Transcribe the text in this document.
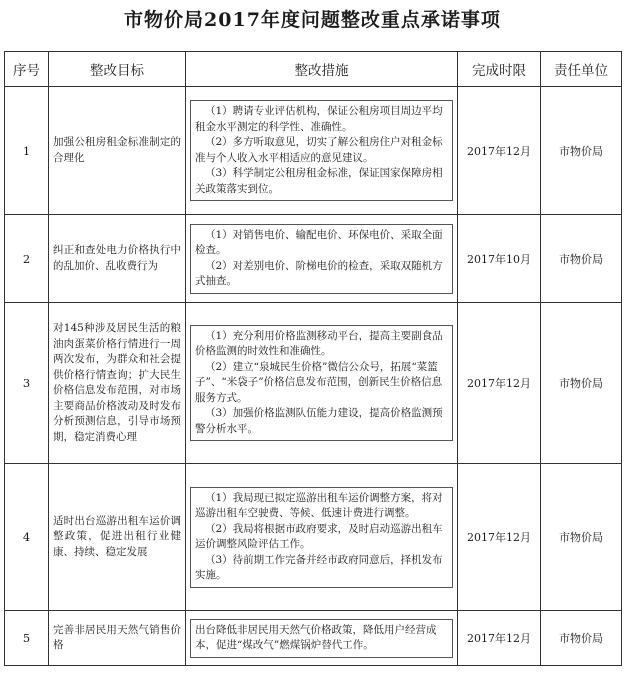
市物价局2017年度问题整改重点承诺事项
序号	整改目标	整改措施	完成时限	责任单位
1	加强公租房租金标准制定的合理化	（1）聘请专业评估机构，保证公租房项目周边平均租金水平测定的科学性、准确性。

（2）多方听取意见，切实了解公租房住户对租金标准与个人收入水平相适应的意见建议。

（3）科学制定公租房租金标准，保证国家保障房相关政策落实到位。	2017年12月	市物价局
2	纠正和查处电力价格执行中的乱加价、乱收费行为	（1）对销售电价、输配电价、环保电价、采取全面检查。

（2）对差别电价、阶梯电价的检查，采取双随机方式抽查。	2017年10月	市物价局
3	对145种涉及居民生活的粮油肉蛋菜价格行情进行一周两次发布，为群众和社会提供价格行情查询；扩大民生价格信息发布范围，对市场主要商品价格波动及时发布分析预测信息，引导市场预期，稳定消费心理	（1）充分利用价格监测移动平台，提高主要副食品价格监测的时效性和准确性。

（2）建立“泉城民生价格”微信公众号，拓展“菜篮子”、“米袋子”价格信息发布范围，创新民生价格信息服务方式。

（3）加强价格监测队伍能力建设，提高价格监测预警分析水平。	2017年12月	市物价局
4	适时出台巡游出租车运价调整政策，促进出租行业健康、持续、稳定发展	（1）我局现已拟定巡游出租车运价调整方案，将对巡游出租车空驶费、等候、低速计费进行调整。

（2）我局将根据市政府要求，及时启动巡游出租车运价调整风险评估工作。

（3）待前期工作完备并经市政府同意后，择机发布实施。	2017年12月	市物价局
5	完善非居民用天然气销售价格	出台降低非居民用天然气价格政策，降低用户经营成本，促进“煤改气”燃煤锅炉替代工作。	2017年12月	市物价局
